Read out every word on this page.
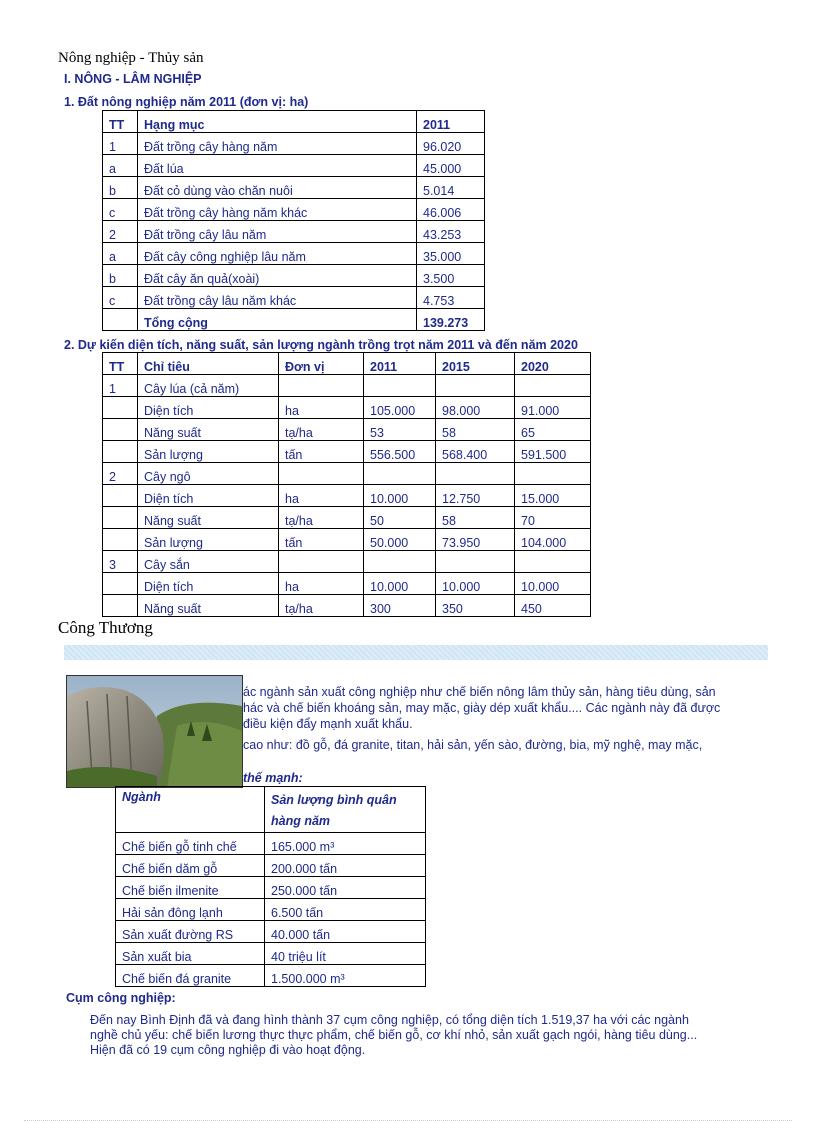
Nông nghiệp - Thủy sản
I. NÔNG - LÂM NGHIỆP
1. Đất nông nghiệp năm 2011 (đơn vị: ha)
TT	Hạng mục	2011
1	Đất trồng cây hàng năm	96.020
a	Đất lúa	45.000
b	Đất cỏ dùng vào chăn nuôi	5.014
c	Đất trồng cây hàng năm khác	46.006
2	Đất trồng cây lâu năm	43.253
a	Đất cây công nghiệp lâu năm	35.000
b	Đất cây ăn quả(xoài)	3.500
c	Đất trồng cây lâu năm khác	4.753
	Tổng cộng	139.273
2. Dự kiến diện tích, năng suất, sản lượng ngành trồng trọt năm 2011 và đến năm 2020
TT	Chỉ tiêu	Đơn vị	2011	2015	2020
1	Cây lúa (cả năm)				
	Diện tích	ha	105.000	98.000	91.000
	Năng suất	tạ/ha	53	58	65
	Sản lượng	tấn	556.500	568.400	591.500
2	Cây ngô				
	Diện tích	ha	10.000	12.750	15.000
	Năng suất	tạ/ha	50	58	70
	Sản lượng	tấn	50.000	73.950	104.000
3	Cây sắn				
	Diện tích	ha	10.000	10.000	10.000
	Năng suất	tạ/ha	300	350	450
Công Thương
ác ngành sản xuất công nghiệp như chế biến nông lâm thủy sản, hàng tiêu dùng, sản
hác và chế biến khoáng sản, may mặc, giày dép xuất khẩu.... Các ngành này đã được
điều kiện đẩy mạnh xuất khẩu.
cao như: đồ gỗ, đá granite, titan, hải sản, yến sào, đường, bia, mỹ nghệ, may mặc,
thế mạnh:
Ngành	Sản lượng bình quân hàng năm
Chế biến gỗ tinh chế	165.000 m³
Chế biến dăm gỗ	200.000 tấn
Chế biến ilmenite	250.000 tấn
Hải sản đông lạnh	6.500 tấn
Sản xuất đường RS	40.000 tấn
Sản xuất bia	40 triệu lít
Chế biến đá granite	1.500.000 m³
Cụm công nghiệp:
Đến nay Bình Định đã và đang hình thành 37 cụm công nghiệp, có tổng diện tích 1.519,37 ha với các ngành
nghề chủ yếu: chế biến lương thực thực phẩm, chế biến gỗ, cơ khí nhỏ, sản xuất gạch ngói, hàng tiêu dùng...
Hiện đã có 19 cụm công nghiệp đi vào hoạt động.
